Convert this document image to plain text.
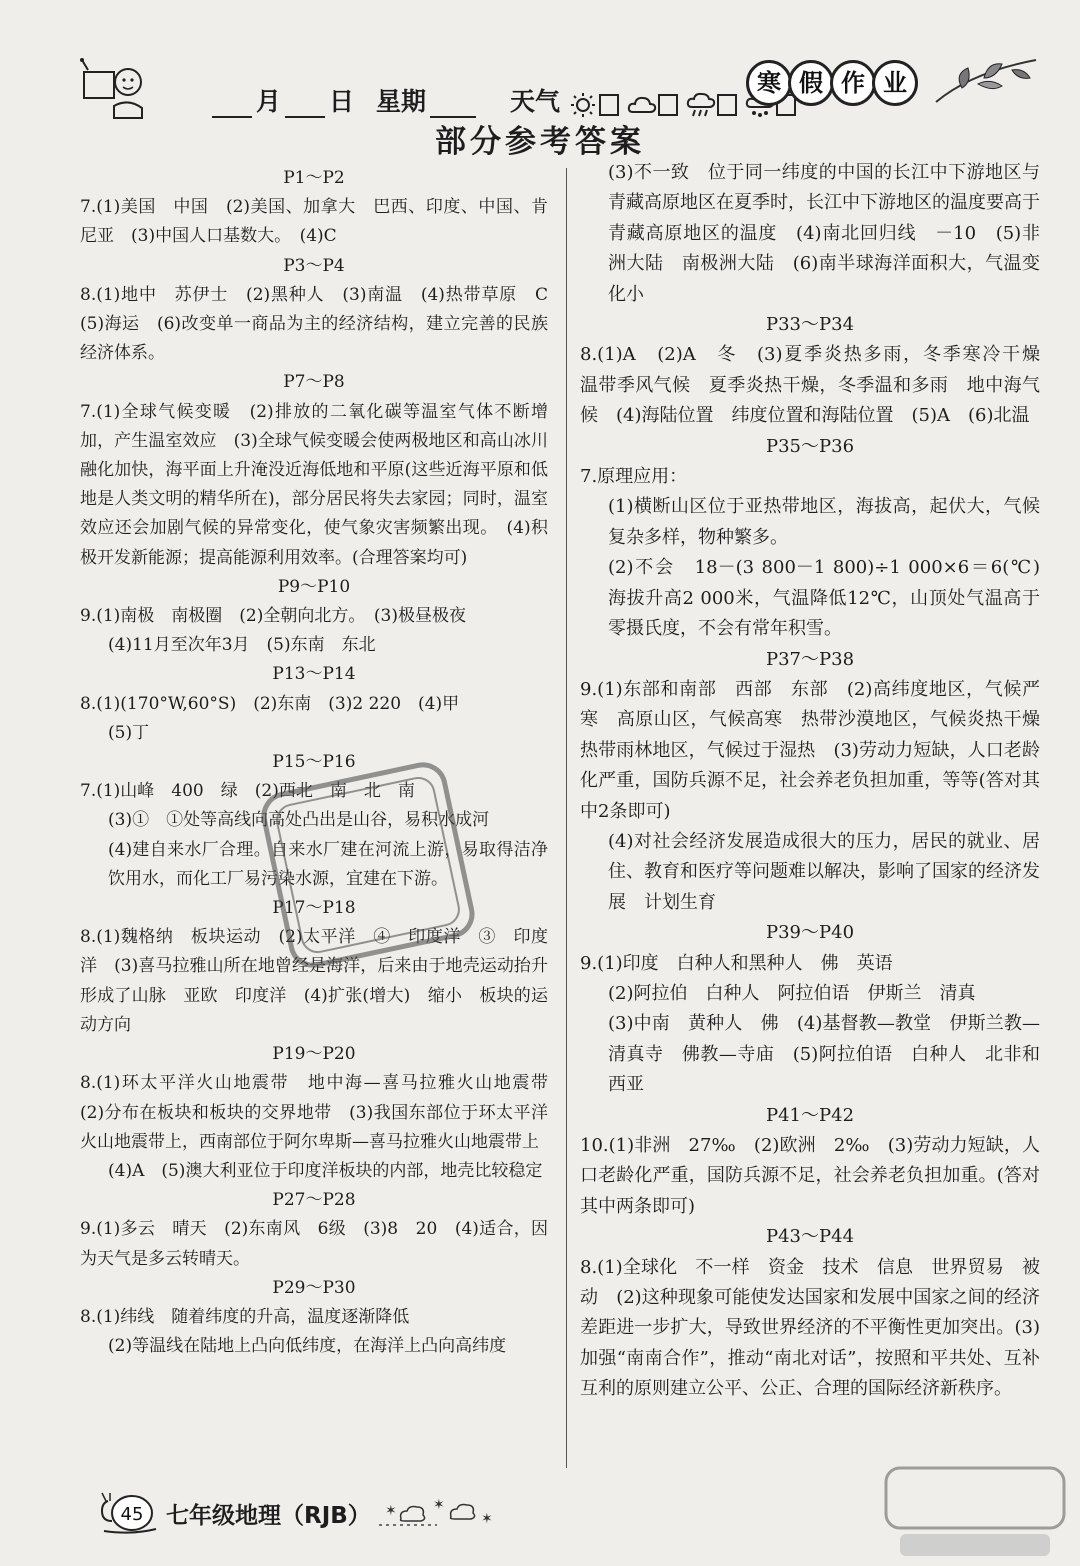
月 日 星期	天气
寒 假 作 业
部分参考答案
P1～P2
7.(1)美国　中国　(2)美国、加拿大　巴西、印度、中国、肯尼亚　(3)中国人口基数大。　(4)C
P3～P4
8.(1)地中　苏伊士　(2)黑种人　(3)南温　(4)热带草原　C　(5)海运　(6)改变单一商品为主的经济结构，建立完善的民族经济体系。
P7～P8
7.(1)全球气候变暖　(2)排放的二氧化碳等温室气体不断增加，产生温室效应　(3)全球气候变暖会使两极地区和高山冰川融化加快，海平面上升淹没近海低地和平原(这些近海平原和低地是人类文明的精华所在)，部分居民将失去家园；同时，温室效应还会加剧气候的异常变化，使气象灾害频繁出现。　(4)积极开发新能源；提高能源利用效率。(合理答案均可)
P9～P10
9.(1)南极　南极圈　(2)全朝向北方。　(3)极昼极夜
(4)11月至次年3月　(5)东南　东北
P13～P14
8.(1)(170°W,60°S)　(2)东南　(3)2 220　(4)甲
(5)丁
P15～P16
7.(1)山峰　400　绿　(2)西北　南　北　南
(3)①　①处等高线向高处凸出是山谷，易积水成河
(4)建自来水厂合理。自来水厂建在河流上游，易取得洁净饮用水，而化工厂易污染水源，宜建在下游。
P17～P18
8.(1)魏格纳　板块运动　(2)太平洋　④　印度洋　③　印度洋　(3)喜马拉雅山所在地曾经是海洋，后来由于地壳运动抬升形成了山脉　亚欧　印度洋　(4)扩张(增大)　缩小　板块的运动方向
P19～P20
8.(1)环太平洋火山地震带　地中海—喜马拉雅火山地震带　(2)分布在板块和板块的交界地带　(3)我国东部位于环太平洋火山地震带上，西南部位于阿尔卑斯—喜马拉雅火山地震带上
(4)A　(5)澳大利亚位于印度洋板块的内部，地壳比较稳定
P27～P28
9.(1)多云　晴天　(2)东南风　6级　(3)8　20　(4)适合，因为天气是多云转晴天。
P29～P30
8.(1)纬线　随着纬度的升高，温度逐渐降低
(2)等温线在陆地上凸向低纬度，在海洋上凸向高纬度
(3)不一致　位于同一纬度的中国的长江中下游地区与青藏高原地区在夏季时，长江中下游地区的温度要高于青藏高原地区的温度　(4)南北回归线　－10　(5)非洲大陆　南极洲大陆　(6)南半球海洋面积大，气温变化小
P33～P34
8.(1)A　(2)A　冬　(3)夏季炎热多雨，冬季寒冷干燥　温带季风气候　夏季炎热干燥，冬季温和多雨　地中海气候　(4)海陆位置　纬度位置和海陆位置　(5)A　(6)北温
P35～P36
7.原理应用：
(1)横断山区位于亚热带地区，海拔高，起伏大，气候复杂多样，物种繁多。
(2)不会　18－(3 800－1 800)÷1 000×6＝6(℃)　海拔升高2 000米，气温降低12℃，山顶处气温高于零摄氏度，不会有常年积雪。
P37～P38
9.(1)东部和南部　西部　东部　(2)高纬度地区，气候严寒　高原山区，气候高寒　热带沙漠地区，气候炎热干燥　热带雨林地区，气候过于湿热　(3)劳动力短缺，人口老龄化严重，国防兵源不足，社会养老负担加重，等等(答对其中2条即可)
(4)对社会经济发展造成很大的压力，居民的就业、居住、教育和医疗等问题难以解决，影响了国家的经济发展　计划生育
P39～P40
9.(1)印度　白种人和黑种人　佛　英语
(2)阿拉伯　白种人　阿拉伯语　伊斯兰　清真
(3)中南　黄种人　佛　(4)基督教—教堂　伊斯兰教—清真寺　佛教—寺庙　(5)阿拉伯语　白种人　北非和西亚
P41～P42
10.(1)非洲　27‰　(2)欧洲　2‰　(3)劳动力短缺，人口老龄化严重，国防兵源不足，社会养老负担加重。(答对其中两条即可)
P43～P44
8.(1)全球化　不一样　资金　技术　信息　世界贸易　被动　(2)这种现象可能使发达国家和发展中国家之间的经济差距进一步扩大，导致世界经济的不平衡性更加突出。(3)加强“南南合作”，推动“南北对话”，按照和平共处、互补互利的原则建立公平、公正、合理的国际经济新秩序。
45 七年级地理（RJB） ✶	✶
✶
